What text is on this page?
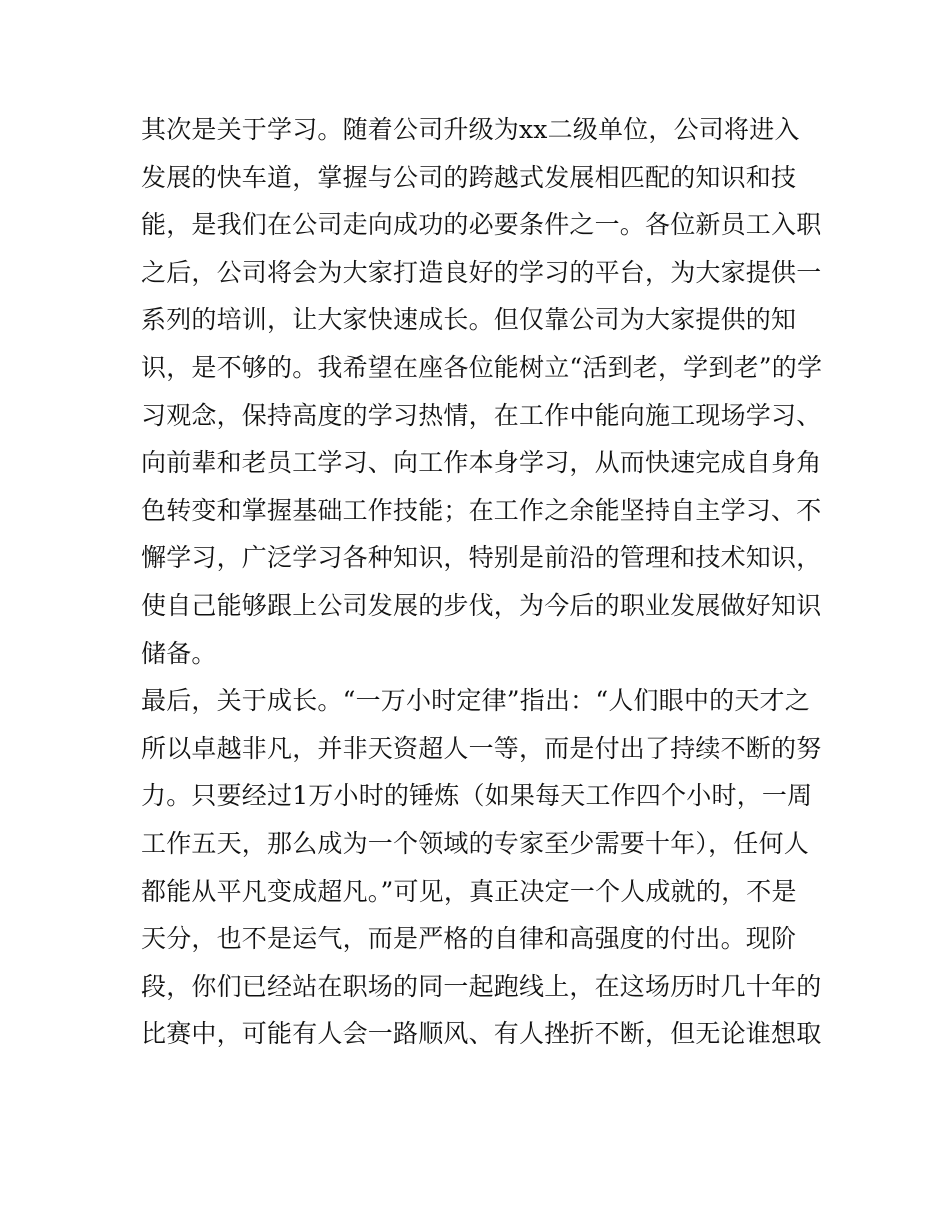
其次是关于学习。随着公司升级为xx二级单位，公司将进入
发展的快车道，掌握与公司的跨越式发展相匹配的知识和技
能，是我们在公司走向成功的必要条件之一。各位新员工入职
之后，公司将会为大家打造良好的学习的平台，为大家提供一
系列的培训，让大家快速成长。但仅靠公司为大家提供的知
识，是不够的。我希望在座各位能树立“活到老，学到老”的学
习观念，保持高度的学习热情，在工作中能向施工现场学习、
向前辈和老员工学习、向工作本身学习，从而快速完成自身角
色转变和掌握基础工作技能；在工作之余能坚持自主学习、不
懈学习，广泛学习各种知识，特别是前沿的管理和技术知识，
使自己能够跟上公司发展的步伐，为今后的职业发展做好知识
储备。
最后，关于成长。“一万小时定律”指出：“人们眼中的天才之
所以卓越非凡，并非天资超人一等，而是付出了持续不断的努
力。只要经过1万小时的锤炼（如果每天工作四个小时，一周
工作五天，那么成为一个领域的专家至少需要十年），任何人
都能从平凡变成超凡。”可见，真正决定一个人成就的，不是
天分，也不是运气，而是严格的自律和高强度的付出。现阶
段，你们已经站在职场的同一起跑线上，在这场历时几十年的
比赛中，可能有人会一路顺风、有人挫折不断，但无论谁想取
